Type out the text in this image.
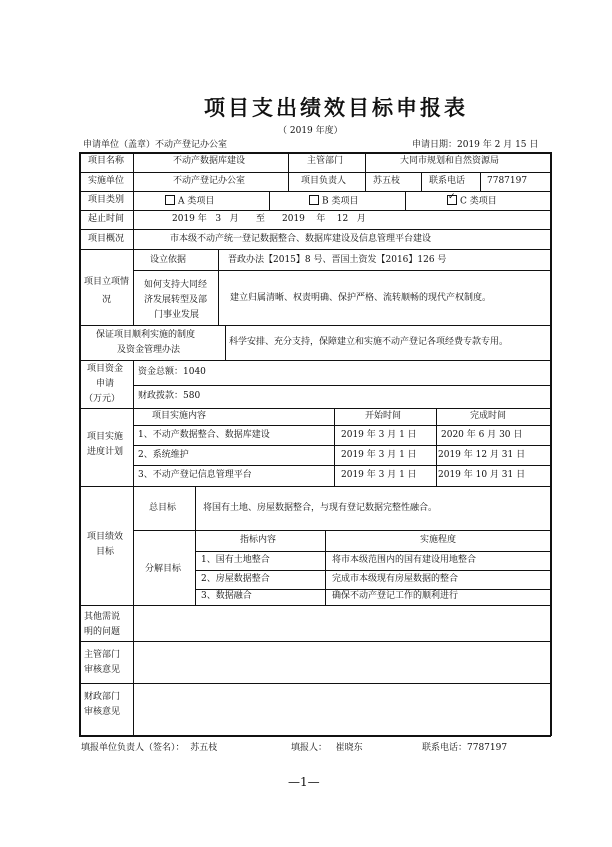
项目支出绩效目标申报表
（ 2019 年度）
申请单位（盖章）不动产登记办公室	申请日期：2019 年 2 月 15 日
项目名称	不动产数据库建设	主管部门	大同市规划和自然资源局
实施单位	不动产登记办公室	项目负责人	苏五枝	联系电话 7787197
项目类别	A 类项目	B 类项目
✓	C 类项目
起止时间	2019 年   3   月      至      2019    年    12   月
项目概况	市本级不动产统一登记数据整合、数据库建设及信息管理平台建设
项目立项情
况
设立依据	晋政办法【2015】8 号、晋国土资发【2016】126 号
如何支持大同经
济发展转型及部
门事业发展
建立归属清晰、权责明确、保护严格、流转顺畅的现代产权制度。
保证项目顺利实施的制度
及资金管理办法
科学安排、充分支持，保障建立和实施不动产登记各项经费专款专用。
项目资金
申请
（万元）
资金总额：1040
财政拨款：580
项目实施
进度计划
项目实施内容	开始时间	完成时间
1、不动产数据整合、数据库建设	2019 年 3 月 1 日	2020 年 6 月 30 日
2、系统维护	2019 年 3 月 1 日 2019 年 12 月 31 日
3、不动产登记信息管理平台	2019 年 3 月 1 日 2019 年 10 月 31 日
项目绩效
目标
总目标	将国有土地、房屋数据整合，与现有登记数据完整性融合。
分解目标
指标内容	实施程度
1、国有土地整合	将市本级范围内的国有建设用地整合
2、房屋数据整合	完成市本级现有房屋数据的整合
3、数据融合	确保不动产登记工作的顺利进行
其他需说
明的问题
主管部门
审核意见
财政部门
审核意见
填报单位负责人（签名）：  苏五枝	填报人：   崔晓东	联系电话：7787197
—1—
